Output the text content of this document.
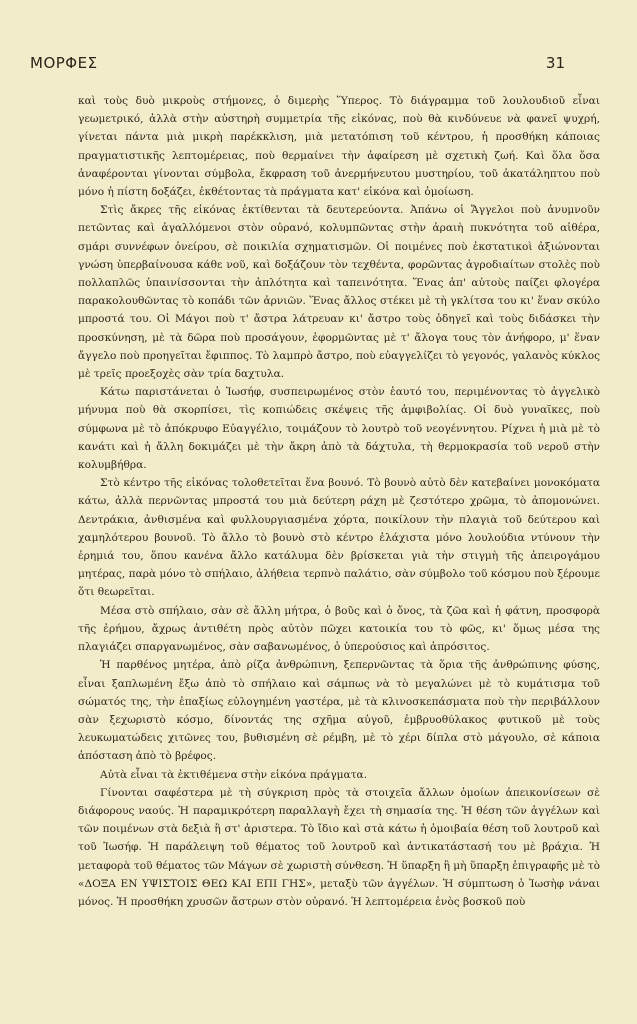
ΜΟΡΦΕΣ	31

καὶ τοὺς δυὸ μικροὺς στήμονες, ὁ διμερὴς Ὕπερος. Τὸ διάγραμμα τοῦ λουλουδιοῦ εἶναι γεωμετρικό, ἀλλὰ στὴν αὐστηρὴ συμμετρία τῆς εἰκόνας, ποὺ θὰ κινδύνευε νὰ φανεῖ ψυχρή, γίνεται πάντα μιὰ μικρὴ παρέκκλιση, μιὰ μετατόπιση τοῦ κέντρου, ἡ προσθήκη κάποιας πραγματιστικῆς λεπτομέρειας, ποὺ θερμαίνει τὴν ἀφαίρεση μὲ σχετικὴ ζωή. Καὶ ὅλα ὅσα ἀναφέρονται γίνονται σύμβολα, ἔκφραση τοῦ ἀνερμήνευτου μυστηρίου, τοῦ ἀκατάληπτου ποὺ μόνο ἡ πίστη δοξάζει, ἐκθέτοντας τὰ πράγματα κατ' εἰκόνα καὶ ὁμοίωση.

Στὶς ἄκρες τῆς εἰκόνας ἐκτίθενται τὰ δευτερεύοντα. Ἀπάνω οἱ Ἄγγελοι ποὺ ἀνυμνοῦν πετῶντας καὶ ἀγαλλόμενοι στὸν οὐρανό, κολυμπῶντας στὴν ἀραιὴ πυκνότητα τοῦ αἰθέρα, σμάρι συννέφων ὀνείρου, σὲ ποικιλία σχηματισμῶν. Οἱ ποιμένες ποὺ ἐκστατικοὶ ἀξιώνονται γνώση ὑπερβαίνουσα κάθε νοῦ, καὶ δοξάζουν τὸν τεχθέντα, φορῶντας ἀγροδιαίτων στολὲς ποὺ πολλαπλῶς ὑπαινίσσονται τὴν ἁπλότητα καὶ ταπεινότητα. Ἕνας ἀπ' αὐτοὺς παίζει φλογέρα παρακολουθῶντας τὸ κοπάδι τῶν ἀρνιῶν. Ἕνας ἄλλος στέκει μὲ τὴ γκλίτσα του κι' ἕναν σκύλο μπροστά του. Οἱ Μάγοι ποὺ τ' ἄστρα λάτρευαν κι' ἄστρο τοὺς ὁδηγεῖ καὶ τοὺς διδάσκει τὴν προσκύνηση, μὲ τὰ δῶρα ποὺ προσάγουν, ἐφορμῶντας μὲ τ' ἄλογα τους τὸν ἀνήφορο, μ' ἕναν ἄγγελο ποὺ προηγεῖται ἔφιππος. Τὸ λαμπρὸ ἄστρο, ποὺ εὐαγγελίζει τὸ γεγονός, γαλανὸς κύκλος μὲ τρεῖς προεξοχὲς σὰν τρία δαχτυλα.

Κάτω παριστάνεται ὁ Ἰωσήφ, συσπειρωμένος στὸν ἑαυτό του, περιμένοντας τὸ ἀγγελικὸ μήνυμα ποὺ θὰ σκορπίσει, τὶς κοπιώδεις σκέψεις τῆς ἀμφιβολίας. Οἱ δυὸ γυναῖκες, ποὺ σύμφωνα μὲ τὸ ἀπόκρυφο Εὐαγγέλιο, τοιμάζουν τὸ λουτρὸ τοῦ νεογέννητου. Ρίχνει ἡ μιὰ μὲ τὸ κανάτι καὶ ἡ ἄλλη δοκιμάζει μὲ τὴν ἄκρη ἀπὸ τὰ δάχτυλα, τὴ θερμοκρασία τοῦ νεροῦ στὴν κολυμβήθρα.

Στὸ κέντρο τῆς εἰκόνας τολοθετεῖται ἕνα βουνό. Τὸ βουνὸ αὐτὸ δὲν κατεβαίνει μονοκόματα κάτω, ἀλλὰ περνῶντας μπροστά του μιὰ δεύτερη ράχη μὲ ζεστότερο χρῶμα, τὸ ἀπομονώνει. Δεντράκια, ἀνθισμένα καὶ φυλλουργιασμένα χόρτα, ποικίλουν τὴν πλαγιὰ τοῦ δεύτερου καὶ χαμηλότερου βουνοῦ. Τὸ ἄλλο τὸ βουνὸ στὸ κέντρο ἐλάχιστα μόνο λουλούδια ντύνουν τὴν ἐρημιά του, ὅπου κανένα ἄλλο κατάλυμα δὲν βρίσκεται γιὰ τὴν στιγμὴ τῆς ἀπειρογάμου μητέρας, παρὰ μόνο τὸ σπήλαιο, ἀλήθεια τερπνὸ παλάτιο, σὰν σύμβολο τοῦ κόσμου ποὺ ξέρουμε ὅτι θεωρεῖται.

Μέσα στὸ σπήλαιο, σὰν σὲ ἄλλη μήτρα, ὁ βοῦς καὶ ὁ ὄνος, τὰ ζῶα καὶ ἡ φάτνη, προσφορὰ τῆς ἐρήμου, ἄχρως ἀντιθέτη πρὸς αὐτὸν πῶχει κατοικία του τὸ φῶς, κι' ὅμως μέσα της πλαγιάζει σπαργανωμένος, σὰν σαβανωμένος, ὁ ὑπερούσιος καὶ ἀπρόσιτος.

Ἡ παρθένος μητέρα, ἀπὸ ρίζα ἀνθρώπινη, ξεπερνῶντας τὰ ὅρια τῆς ἀνθρώπινης φύσης, εἶναι ξαπλωμένη ἔξω ἀπὸ τὸ σπήλαιο καὶ σάμπως νὰ τὸ μεγαλώνει μὲ τὸ κυμάτισμα τοῦ σώματός της, τὴν ἐπαξίως εὐλογημένη γαστέρα, μὲ τὰ κλινοσκεπάσματα ποὺ τὴν περιβάλλουν σὰν ξεχωριστὸ κόσμο, δίνοντάς της σχῆμα αὐγοῦ, ἐμβρυοθύλακος φυτικοῦ μὲ τοὺς λευκωματώδεις χιτῶνες του, βυθισμένη σὲ ρέμβη, μὲ τὸ χέρι δίπλα στὸ μάγουλο, σὲ κάποια ἀπόσταση ἀπὸ τὸ βρέφος.

Αὐτὰ εἶναι τὰ ἐκτιθέμενα στὴν εἰκόνα πράγματα.

Γίνονται σαφέστερα μὲ τὴ σύγκριση πρὸς τὰ στοιχεῖα ἄλλων ὁμοίων ἀπεικονίσεων σὲ διάφορους ναούς. Ἡ παραμικρότερη παραλλαγὴ ἔχει τὴ σημασία της. Ἡ θέση τῶν ἀγγέλων καὶ τῶν ποιμένων στὰ δεξιὰ ἢ στ' ἀριστερα. Τὸ ἴδιο καὶ στὰ κάτω ἡ ὁμοιβαία θέση τοῦ λουτροῦ καὶ τοῦ Ἰωσήφ. Ἡ παράλειψη τοῦ θέματος τοῦ λουτροῦ καὶ ἀντικατάστασή του μὲ βράχια. Ἡ μεταφορὰ τοῦ θέματος τῶν Μάγων σὲ χωριστὴ σύνθεση. Ἡ ὕπαρξη ἢ μὴ ὕπαρξη ἐπιγραφῆς μὲ τὸ «ΔΟΞΑ ΕΝ ΥΨΙΣΤΟΙΣ ΘΕΩ ΚΑΙ ΕΠΙ ΓΗΣ», μεταξὺ τῶν ἀγγέλων. Ἡ σύμπτωση ὁ Ἰωσὴφ νάναι μόνος. Ἡ προσθήκη χρυσῶν ἄστρων στὸν οὐρανό. Ἡ λεπτομέρεια ἑνὸς βοσκοῦ ποὺ
